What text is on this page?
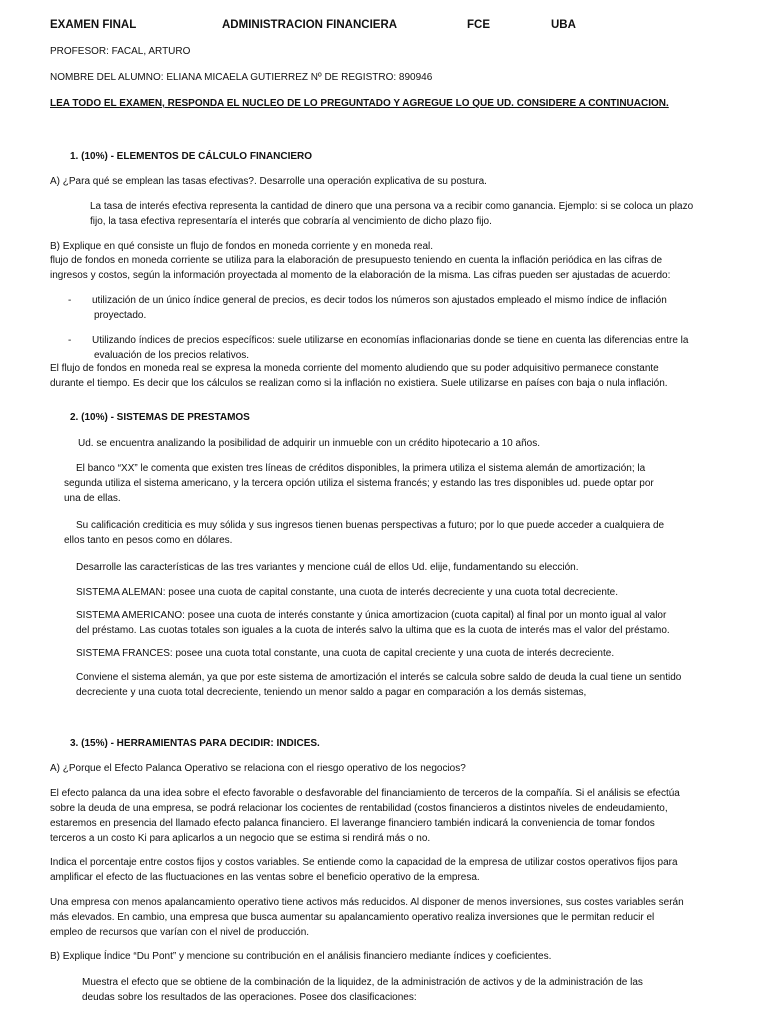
EXAMEN FINAL	ADMINISTRACION FINANCIERA	FCE	UBA
PROFESOR: FACAL, ARTURO
NOMBRE DEL ALUMNO: ELIANA MICAELA GUTIERREZ Nº DE REGISTRO: 890946
LEA TODO EL EXAMEN, RESPONDA EL NUCLEO DE LO PREGUNTADO Y AGREGUE LO QUE UD. CONSIDERE A CONTINUACION.
1. (10%) - ELEMENTOS DE CÁLCULO FINANCIERO
A) ¿Para qué se emplean las tasas efectivas?. Desarrolle una operación explicativa de su postura.
La tasa de interés efectiva representa la cantidad de dinero que una persona va a recibir como ganancia. Ejemplo: si se coloca un plazo
fijo, la tasa efectiva representaría el interés que cobraría al vencimiento de dicho plazo fijo.
B) Explique en qué consiste un flujo de fondos en moneda corriente y en moneda real.
flujo de fondos en moneda corriente se utiliza para la elaboración de presupuesto teniendo en cuenta la inflación periódica en las cifras de
ingresos y costos, según la información proyectada al momento de la elaboración de la misma. Las cifras pueden ser ajustadas de acuerdo:
- utilización de un único índice general de precios, es decir todos los números son ajustados empleado el mismo índice de inflación
proyectado.
- Utilizando índices de precios específicos: suele utilizarse en economías inflacionarias donde se tiene en cuenta las diferencias entre la
evaluación de los precios relativos.
El flujo de fondos en moneda real se expresa la moneda corriente del momento aludiendo que su poder adquisitivo permanece constante
durante el tiempo. Es decir que los cálculos se realizan como si la inflación no existiera. Suele utilizarse en países con baja o nula inflación.
2. (10%) - SISTEMAS DE PRESTAMOS
Ud. se encuentra analizando la posibilidad de adquirir un inmueble con un crédito hipotecario a 10 años.
El banco “XX” le comenta que existen tres líneas de créditos disponibles, la primera utiliza el sistema alemán de amortización; la
segunda utiliza el sistema americano, y la tercera opción utiliza el sistema francés; y estando las tres disponibles ud. puede optar por
una de ellas.
Su calificación crediticia es muy sólida y sus ingresos tienen buenas perspectivas a futuro; por lo que puede acceder a cualquiera de
ellos tanto en pesos como en dólares.
Desarrolle las características de las tres variantes y mencione cuál de ellos Ud. elije, fundamentando su elección.
SISTEMA ALEMAN: posee una cuota de capital constante, una cuota de interés decreciente y una cuota total decreciente.
SISTEMA AMERICANO: posee una cuota de interés constante y única amortizacion (cuota capital) al final por un monto igual al valor
del préstamo. Las cuotas totales son iguales a la cuota de interés salvo la ultima que es la cuota de interés mas el valor del préstamo.
SISTEMA FRANCES: posee una cuota total constante, una cuota de capital creciente y una cuota de interés decreciente.
Conviene el sistema alemán, ya que por este sistema de amortización el interés se calcula sobre saldo de deuda la cual tiene un sentido
decreciente y una cuota total decreciente, teniendo un menor saldo a pagar en comparación a los demás sistemas,
3. (15%) - HERRAMIENTAS PARA DECIDIR: INDICES.
A) ¿Porque el Efecto Palanca Operativo se relaciona con el riesgo operativo de los negocios?
El efecto palanca da una idea sobre el efecto favorable o desfavorable del financiamiento de terceros de la compañía. Si el análisis se efectúa
sobre la deuda de una empresa, se podrá relacionar los cocientes de rentabilidad (costos financieros a distintos niveles de endeudamiento,
estaremos en presencia del llamado efecto palanca financiero. El laverange financiero también indicará la conveniencia de tomar fondos
terceros a un costo Ki para aplicarlos a un negocio que se estima si rendirá más o no.
Indica el porcentaje entre costos fijos y costos variables. Se entiende como la capacidad de la empresa de utilizar costos operativos fijos para
amplificar el efecto de las fluctuaciones en las ventas sobre el beneficio operativo de la empresa.
Una empresa con menos apalancamiento operativo tiene activos más reducidos. Al disponer de menos inversiones, sus costes variables serán
más elevados. En cambio, una empresa que busca aumentar su apalancamiento operativo realiza inversiones que le permitan reducir el
empleo de recursos que varían con el nivel de producción.
B) Explique Índice “Du Pont” y mencione su contribución en el análisis financiero mediante índices y coeficientes.
Muestra el efecto que se obtiene de la combinación de la liquidez, de la administración de activos y de la administración de las
deudas sobre los resultados de las operaciones. Posee dos clasificaciones:
